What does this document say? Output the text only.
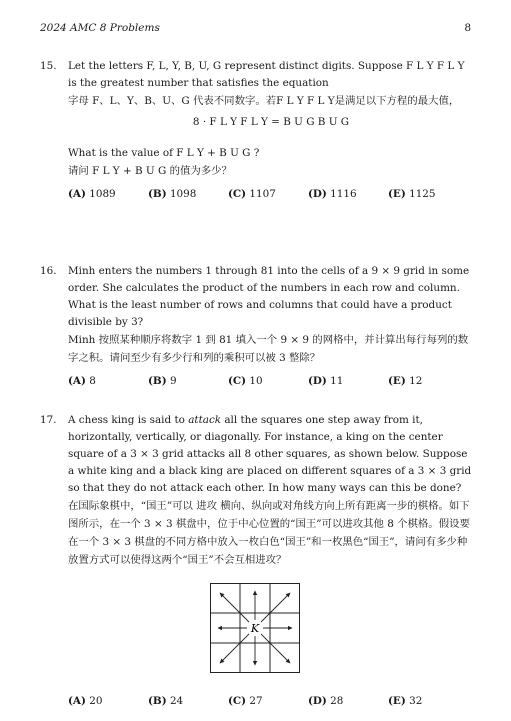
2024 AMC 8 Problems	8
15. Let the letters F, L, Y, B, U, G represent distinct digits. Suppose F L Y F L Y is the greatest number that satisfies the equation
字母 F、L、Y、B、U、G 代表不同数字。若F L Y F L Y是满足以下方程的最大值，
8 · F L Y F L Y = B U G B U G
What is the value of F L Y + B U G ?
请问 F L Y + B U G 的值为多少？
(A) 1089	(B) 1098	(C) 1107	(D) 1116	(E) 1125
16. Minh enters the numbers 1 through 81 into the cells of a 9 × 9 grid in some order. She calculates the product of the numbers in each row and column. What is the least number of rows and columns that could have a product divisible by 3?
Minh 按照某种顺序将数字 1 到 81 填入一个 9 × 9 的网格中，并计算出每行每列的数字之积。请问至少有多少行和列的乘积可以被 3 整除？
(A) 8	(B) 9	(C) 10	(D) 11	(E) 12
17. A chess king is said to attack all the squares one step away from it, horizontally, vertically, or diagonally. For instance, a king on the center square of a 3 × 3 grid attacks all 8 other squares, as shown below. Suppose a white king and a black king are placed on different squares of a 3 × 3 grid so that they do not attack each other. In how many ways can this be done?
在国际象棋中，“国王”可以 进攻 横向、纵向或对角线方向上所有距离一步的棋格。如下图所示，在一个 3 × 3 棋盘中，位于中心位置的“国王”可以进攻其他 8 个棋格。假设要在一个 3 × 3 棋盘的不同方格中放入一枚白色“国王”和一枚黑色“国王”，请问有多少种放置方式可以使得这两个“国王”不会互相进攻？
K
(A) 20	(B) 24	(C) 27	(D) 28	(E) 32
